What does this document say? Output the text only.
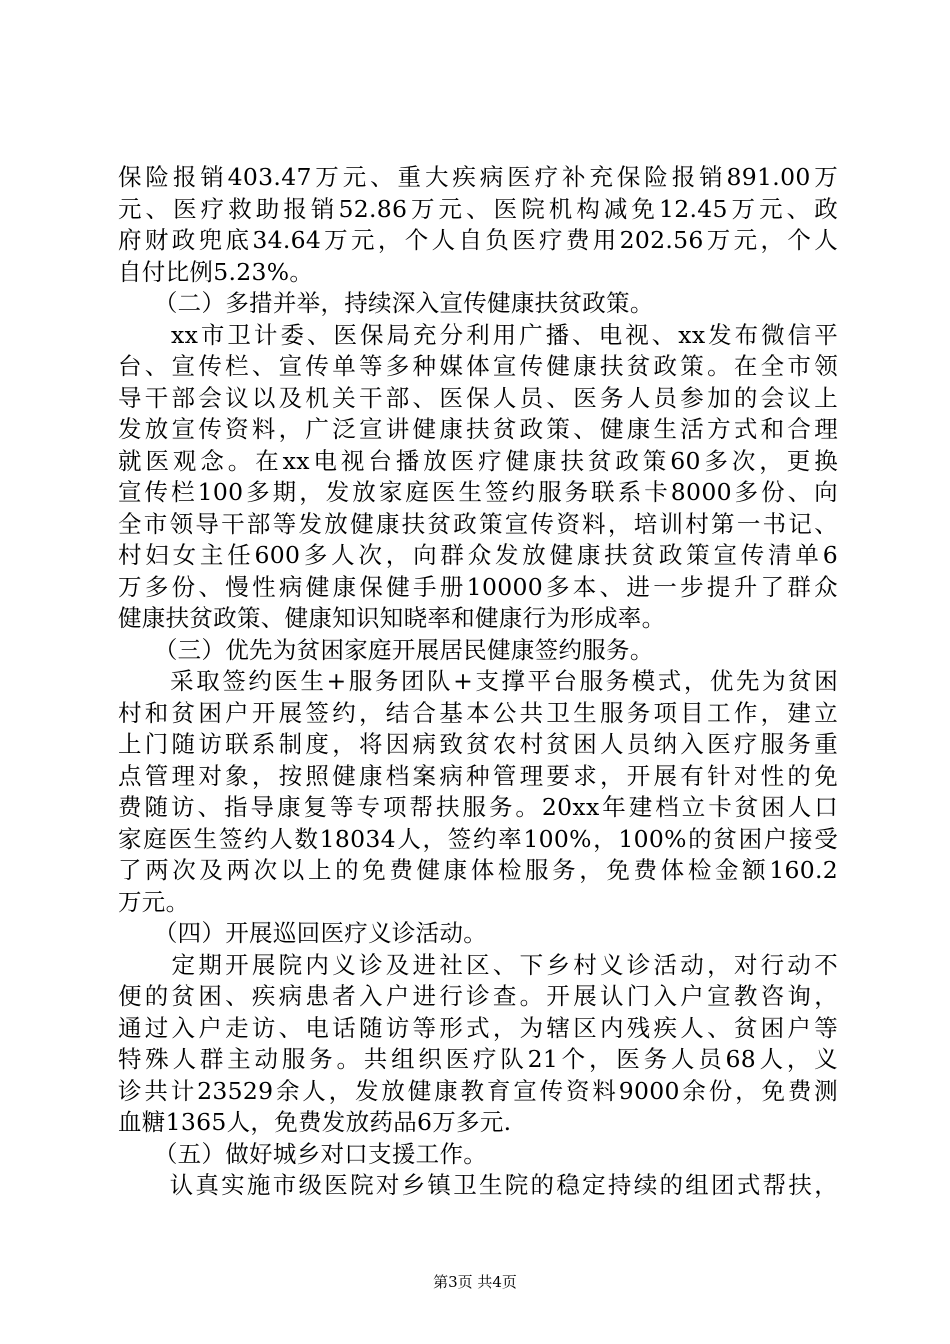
保险报销403.47万元、重大疾病医疗补充保险报销891.00万
元、医疗救助报销52.86万元、医院机构减免12.45万元、政
府财政兜底34.64万元，个人自负医疗费用202.56万元，个人
自付比例5.23%。
　　（二）多措并举，持续深入宣传健康扶贫政策。
　　xx市卫计委、医保局充分利用广播、电视、xx发布微信平
台、宣传栏、宣传单等多种媒体宣传健康扶贫政策。在全市领
导干部会议以及机关干部、医保人员、医务人员参加的会议上
发放宣传资料，广泛宣讲健康扶贫政策、健康生活方式和合理
就医观念。在xx电视台播放医疗健康扶贫政策60多次，更换
宣传栏100多期，发放家庭医生签约服务联系卡8000多份、向
全市领导干部等发放健康扶贫政策宣传资料，培训村第一书记、
村妇女主任600多人次，向群众发放健康扶贫政策宣传清单6
万多份、慢性病健康保健手册10000多本、进一步提升了群众
健康扶贫政策、健康知识知晓率和健康行为形成率。
　　（三）优先为贫困家庭开展居民健康签约服务。
　　采取签约医生+服务团队+支撑平台服务模式，优先为贫困
村和贫困户开展签约，结合基本公共卫生服务项目工作，建立
上门随访联系制度，将因病致贫农村贫困人员纳入医疗服务重
点管理对象，按照健康档案病种管理要求，开展有针对性的免
费随访、指导康复等专项帮扶服务。20xx年建档立卡贫困人口
家庭医生签约人数18034人，签约率100%，100%的贫困户接受
了两次及两次以上的免费健康体检服务，免费体检金额160.2
万元。
　　（四）开展巡回医疗义诊活动。
　　定期开展院内义诊及进社区、下乡村义诊活动，对行动不
便的贫困、疾病患者入户进行诊查。开展认门入户宣教咨询，
通过入户走访、电话随访等形式，为辖区内残疾人、贫困户等
特殊人群主动服务。共组织医疗队21个，医务人员68人，义
诊共计23529余人，发放健康教育宣传资料9000余份，免费测
血糖1365人，免费发放药品6万多元.
　　（五）做好城乡对口支援工作。
　　认真实施市级医院对乡镇卫生院的稳定持续的组团式帮扶，
第3页 共4页
